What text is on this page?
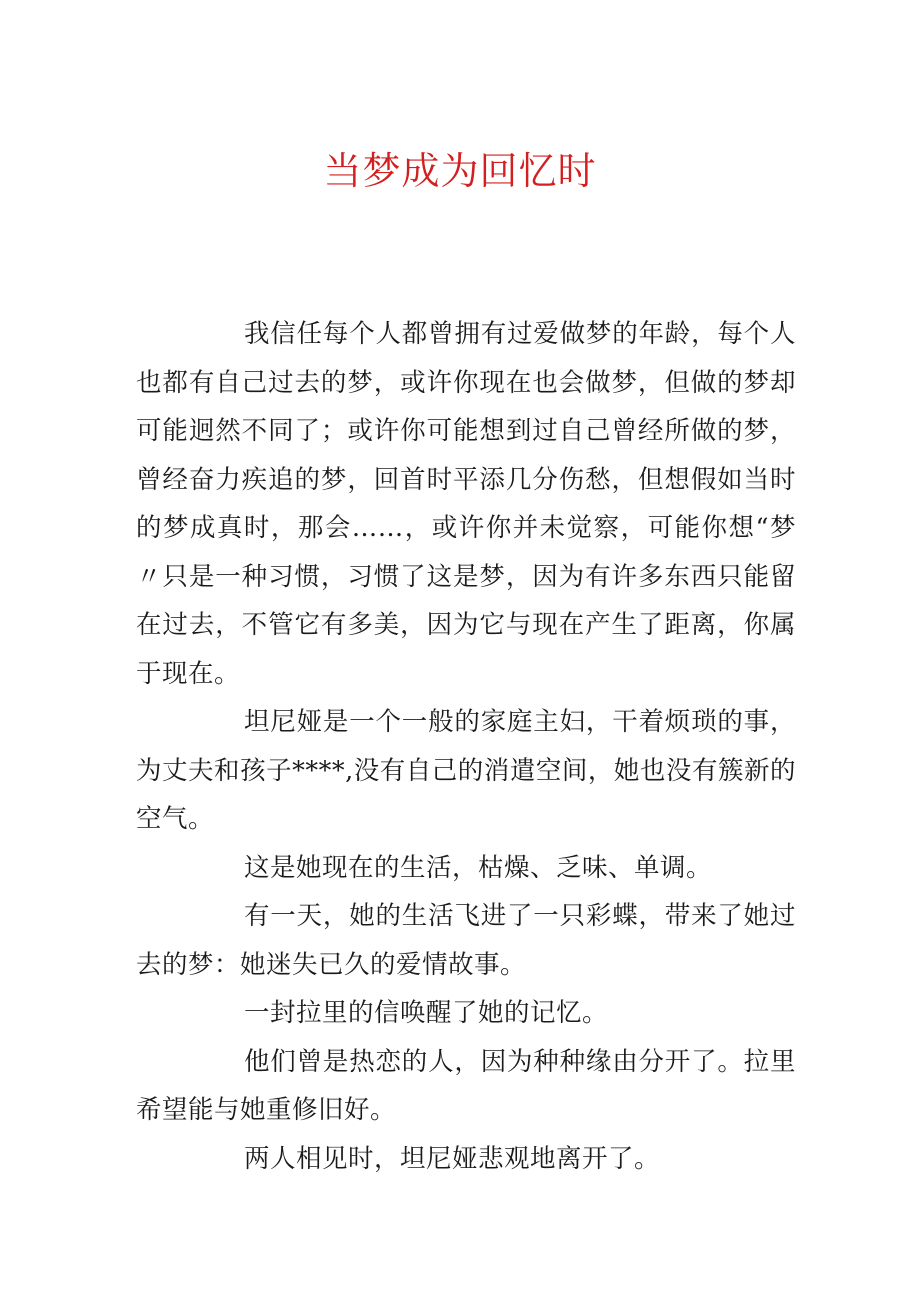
当梦成为回忆时

我信任每个人都曾拥有过爱做梦的年龄，每个人也都有自己过去的梦，或许你现在也会做梦，但做的梦却可能迥然不同了；或许你可能想到过自己曾经所做的梦，曾经奋力疾追的梦，回首时平添几分伤愁，但想假如当时的梦成真时，那会……，或许你并未觉察，可能你想“梦〃只是一种习惯，习惯了这是梦，因为有许多东西只能留在过去，不管它有多美，因为它与现在产生了距离，你属于现在。

坦尼娅是一个一般的家庭主妇，干着烦琐的事，为丈夫和孩子****,没有自己的消遣空间，她也没有簇新的空气。

这是她现在的生活，枯燥、乏味、单调。

有一天，她的生活飞进了一只彩蝶，带来了她过去的梦：她迷失已久的爱情故事。

一封拉里的信唤醒了她的记忆。

他们曾是热恋的人，因为种种缘由分开了。拉里希望能与她重修旧好。

两人相见时，坦尼娅悲观地离开了。
